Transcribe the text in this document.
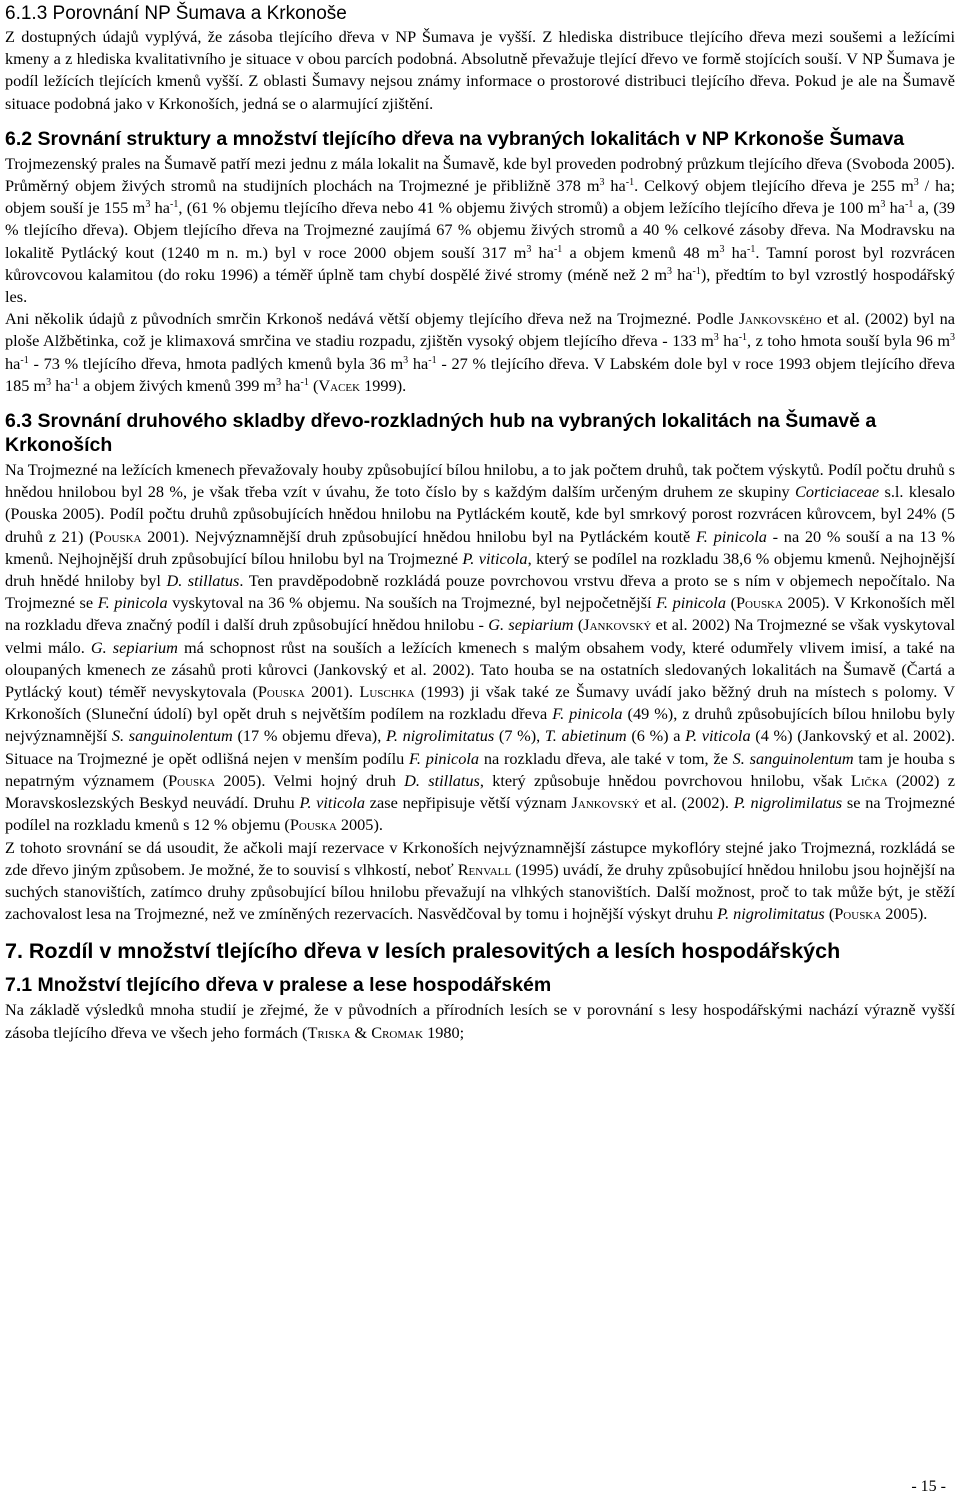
6.1.3 Porovnání NP Šumava a Krkonoše

Z dostupných údajů vyplývá, že zásoba tlejícího dřeva v NP Šumava je vyšší. Z hlediska distribuce tlejícího dřeva mezi soušemi a ležícími kmeny a z hlediska kvalitativního je situace v obou parcích podobná. Absolutně převažuje tlející dřevo ve formě stojících souší. V NP Šumava je podíl ležících tlejících kmenů vyšší. Z oblasti Šumavy nejsou známy informace o prostorové distribuci tlejícího dřeva. Pokud je ale na Šumavě situace podobná jako v Krkonoších, jedná se o alarmující zjištění.

6.2 Srovnání struktury a množství tlejícího dřeva na vybraných lokalitách v NP Krkonoše Šumava

Trojmezenský prales na Šumavě patří mezi jednu z mála lokalit na Šumavě, kde byl proveden podrobný průzkum tlejícího dřeva (Svoboda 2005). Průměrný objem živých stromů na studijních plochách na Trojmezné je přibližně 378 $m^3$ $ha^{-1}$. Celkový objem tlejícího dřeva je 255 $m^3$ / ha; objem souší je 155 $m^3$ $ha^{-1}$, (61 % objemu tlejícího dřeva nebo 41 % objemu živých stromů) a objem ležícího tlejícího dřeva je 100 $m^3$ $ha^{-1}$ a, (39 % tlejícího dřeva). Objem tlejícího dřeva na Trojmezné zaujímá 67 % objemu živých stromů a 40 % celkové zásoby dřeva. Na Modravsku na lokalitě Pytlácký kout (1240 m n. m.) byl v roce 2000 objem souší 317 $m^3$ $ha^{-1}$ a objem kmenů 48 $m^3$ $ha^{-1}$. Tamní porost byl rozvrácen kůrovcovou kalamitou (do roku 1996) a téměř úplně tam chybí dospělé živé stromy (méně než 2 $m^3$ $ha^{-1}$), předtím to byl vzrostlý hospodářský les.

Ani několik údajů z původních smrčin Krkonoš nedává větší objemy tlejícího dřeva než na Trojmezné. Podle Jankovského et al. (2002) byl na ploše Alžbětinka, což je klimaxová smrčina ve stadiu rozpadu, zjištěn vysoký objem tlejícího dřeva - 133 $m^3$ $ha^{-1}$, z toho hmota souší byla 96 $m^3$ $ha^{-1} - 73$ % tlejícího dřeva, hmota padlých kmenů byla 36 $m^3$ $ha^{-1} - 27$ % tlejícího dřeva. V Labském dole byl v roce 1993 objem tlejícího dřeva 185 $m^3$ $ha^{-1}$ a objem živých kmenů 399 $m^3$ $ha^{-1}$ (Vacek 1999).

6.3 Srovnání druhového skladby dřevo-rozkladných hub na vybraných lokalitách na Šumavě a Krkonoších

Na Trojmezné na ležících kmenech převažovaly houby způsobující bílou hnilobu, a to jak počtem druhů, tak počtem výskytů. Podíl počtu druhů s hnědou hnilobou byl 28 %, je však třeba vzít v úvahu, že toto číslo by s každým dalším určeným druhem ze skupiny Corticiaceae s.l. klesalo (Pouska 2005). Podíl počtu druhů způsobujících hnědou hnilobu na Pytláckém koutě, kde byl smrkový porost rozvrácen kůrovcem, byl 24% (5 druhů z 21) (Pouska 2001). Nejvýznamnější druh způsobující hnědou hnilobu byl na Pytláckém koutě F. pinicola - na 20 % souší a na 13 % kmenů. Nejhojnější druh způsobující bílou hnilobu byl na Trojmezné P. viticola, který se podílel na rozkladu 38,6 % objemu kmenů. Nejhojnější druh hnědé hniloby byl D. stillatus. Ten pravděpodobně rozkládá pouze povrchovou vrstvu dřeva a proto se s ním v objemech nepočítalo. Na Trojmezné se F. pinicola vyskytoval na 36 % objemu. Na souších na Trojmezné, byl nejpočetnější F. pinicola (Pouska 2005). V Krkonoších měl na rozkladu dřeva značný podíl i další druh způsobující hnědou hnilobu - G. sepiarium (Jankovský et al. 2002) Na Trojmezné se však vyskytoval velmi málo. G. sepiarium má schopnost růst na souších a ležících kmenech s malým obsahem vody, které odumřely vlivem imisí, a také na oloupaných kmenech ze zásahů proti kůrovci (Jankovský et al. 2002). Tato houba se na ostatních sledovaných lokalitách na Šumavě (Čartá a Pytlácký kout) téměř nevyskytovala (Pouska 2001). Luschka (1993) ji však také ze Šumavy uvádí jako běžný druh na místech s polomy. V Krkonoších (Sluneční údolí) byl opět druh s největším podílem na rozkladu dřeva F. pinicola (49 %), z druhů způsobujících bílou hnilobu byly nejvýznamnější S. sanguinolentum (17 % objemu dřeva), P. nigrolimitatus (7 %), T. abietinum (6 %) a P. viticola (4 %) (Jankovský et al. 2002). Situace na Trojmezné je opět odlišná nejen v menším podílu F. pinicola na rozkladu dřeva, ale také v tom, že S. sanguinolentum tam je houba s nepatrným významem (Pouska 2005). Velmi hojný druh D. stillatus, který způsobuje hnědou povrchovou hnilobu, však Lička (2002) z Moravskoslezských Beskyd neuvádí. Druhu P. viticola zase nepřipisuje větší význam Jankovský et al. (2002). P. nigrolimilatus se na Trojmezné podílel na rozkladu kmenů s 12 % objemu (Pouska 2005).

Z tohoto srovnání se dá usoudit, že ačkoli mají rezervace v Krkonoších nejvýznamnější zástupce mykoflóry stejné jako Trojmezná, rozkládá se zde dřevo jiným způsobem. Je možné, že to souvisí s vlhkostí, neboť Renvall (1995) uvádí, že druhy způsobující hnědou hnilobu jsou hojnější na suchých stanovištích, zatímco druhy způsobující bílou hnilobu převažují na vlhkých stanovištích. Další možnost, proč to tak může být, je stěží zachovalost lesa na Trojmezné, než ve zmíněných rezervacích. Nasvědčoval by tomu i hojnější výskyt druhu P. nigrolimitatus (Pouska 2005).

7. Rozdíl v množství tlejícího dřeva v lesích pralesovitých a lesích hospodářských
7.1 Množství tlejícího dřeva v pralese a lese hospodářském

Na základě výsledků mnoha studií je zřejmé, že v původních a přírodních lesích se v porovnání s lesy hospodářskými nachází výrazně vyšší zásoba tlejícího dřeva ve všech jeho formách (Triska & Cromak 1980;

- 15 -
